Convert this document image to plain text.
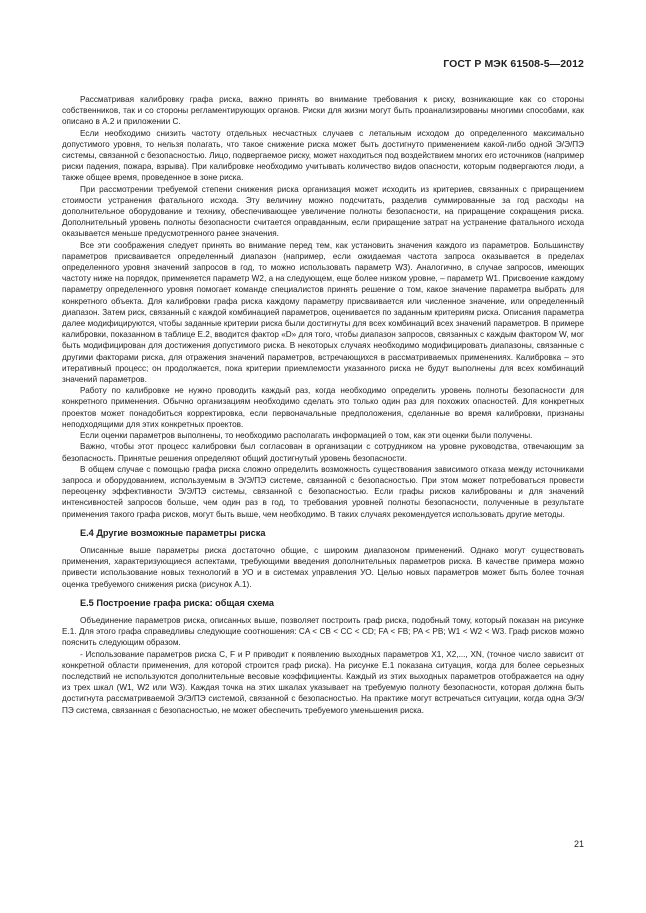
ГОСТ Р МЭК 61508-5—2012

Рассматривая калибровку графа риска, важно принять во внимание требования к риску, возникающие как со стороны собственников, так и со стороны регламентирующих органов. Риски для жизни могут быть проанализированы многими способами, как описано в А.2 и приложении С.

Если необходимо снизить частоту отдельных несчастных случаев с летальным исходом до определенного максимально допустимого уровня, то нельзя полагать, что такое снижение риска может быть достигнуто применением какой-либо одной Э/Э/ПЭ системы, связанной с безопасностью. Лицо, подвергаемое риску, может находиться под воздействием многих его источников (например риски падения, пожара, взрыва). При калибровке необходимо учитывать количество видов опасности, которым подвергаются люди, а также общее время, проведенное в зоне риска.

При рассмотрении требуемой степени снижения риска организация может исходить из критериев, связанных с приращением стоимости устранения фатального исхода. Эту величину можно подсчитать, разделив суммированные за год расходы на дополнительное оборудование и технику, обеспечивающее увеличение полноты безопасности, на приращение сокращения риска. Дополнительный уровень полноты безопасности считается оправданным, если приращение затрат на устранение фатального исхода оказывается меньше предусмотренного ранее значения.

Все эти соображения следует принять во внимание перед тем, как установить значения каждого из параметров. Большинству параметров присваивается определенный диапазон (например, если ожидаемая частота запроса оказывается в пределах определенного уровня значений запросов в год, то можно использовать параметр W3). Аналогично, в случае запросов, имеющих частоту ниже на порядок, применяется параметр W2, а на следующем, еще более низком уровне, – параметр W1. Присвоение каждому параметру определенного уровня помогает команде специалистов принять решение о том, какое значение параметра выбрать для конкретного объекта. Для калибровки графа риска каждому параметру присваивается или численное значение, или определенный диапазон. Затем риск, связанный с каждой комбинацией параметров, оценивается по заданным критериям риска. Описания параметра далее модифицируются, чтобы заданные критерии риска были достигнуты для всех комбинаций всех значений параметров. В примере калибровки, показанном в таблице Е.2, вводится фактор «D» для того, чтобы диапазон запросов, связанных с каждым фактором W, мог быть модифицирован для достижения допустимого риска. В некоторых случаях необходимо модифицировать диапазоны, связанные с другими факторами риска, для отражения значений параметров, встречающихся в рассматриваемых применениях. Калибровка – это итеративный процесс; он продолжается, пока критерии приемлемости указанного риска не будут выполнены для всех комбинаций значений параметров.

Работу по калибровке не нужно проводить каждый раз, когда необходимо определить уровень полноты безопасности для конкретного применения. Обычно организациям необходимо сделать это только один раз для похожих опасностей. Для конкретных проектов может понадобиться корректировка, если первоначальные предположения, сделанные во время калибровки, признаны неподходящими для этих конкретных проектов.

Если оценки параметров выполнены, то необходимо располагать информацией о том, как эти оценки были получены.

Важно, чтобы этот процесс калибровки был согласован в организации с сотрудником на уровне руководства, отвечающим за безопасность. Принятые решения определяют общий достигнутый уровень безопасности.

В общем случае с помощью графа риска сложно определить возможность существования зависимого отказа между источниками запроса и оборудованием, используемым в Э/Э/ПЭ системе, связанной с безопасностью. При этом может потребоваться провести переоценку эффективности Э/Э/ПЭ системы, связанной с безопасностью. Если графы рисков калиброваны и для значений интенсивностей запросов больше, чем один раз в год, то требования уровней полноты безопасности, полученные в результате применения такого графа рисков, могут быть выше, чем необходимо. В таких случаях рекомендуется использовать другие методы.

Е.4 Другие возможные параметры риска

Описанные выше параметры риска достаточно общие, с широким диапазоном применений. Однако могут существовать применения, характеризующиеся аспектами, требующими введения дополнительных параметров риска. В качестве примера можно привести использование новых технологий в УО и в системах управления УО. Целью новых параметров может быть более точная оценка требуемого снижения риска (рисунок А.1).

Е.5 Построение графа риска: общая схема

Объединение параметров риска, описанных выше, позволяет построить граф риска, подобный тому, который показан на рисунке Е.1. Для этого графа справедливы следующие соотношения: CA < CB < CC < CD; FA < FB; PA < PB; W1 < W2 < W3. Граф рисков можно пояснить следующим образом.

- Использование параметров риска C, F и P приводит к появлению выходных параметров X1, X2,..., XN, (точное число зависит от конкретной области применения, для которой строится граф риска). На рисунке Е.1 показана ситуация, когда для более серьезных последствий не используются дополнительные весовые коэффициенты. Каждый из этих выходных параметров отображается на одну из трех шкал (W1, W2 или W3). Каждая точка на этих шкалах указывает на требуемую полноту безопасности, которая должна быть достигнута рассматриваемой Э/Э/ПЭ системой, связанной с безопасностью. На практике могут встречаться ситуации, когда одна Э/Э/ПЭ система, связанная с безопасностью, не может обеспечить требуемого уменьшения риска.

21
